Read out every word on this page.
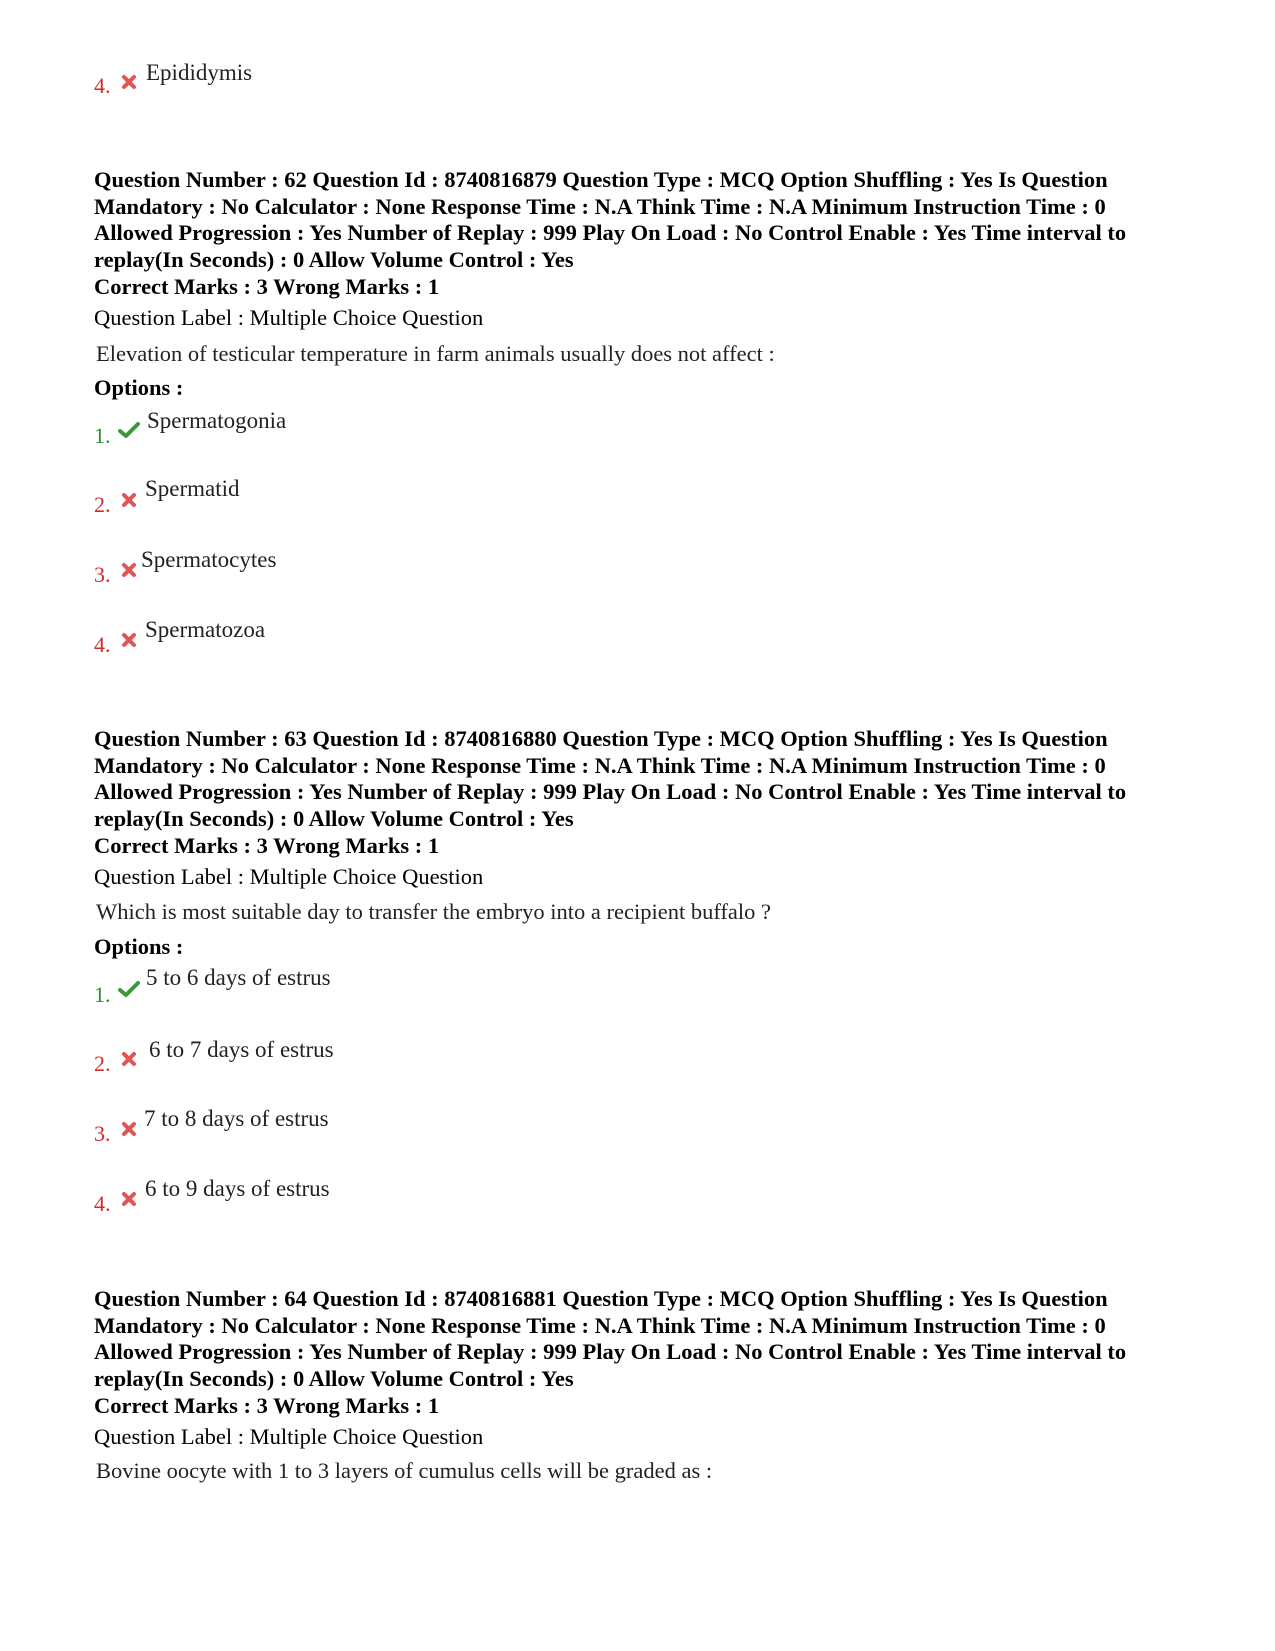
4.
Epididymis
Question Number : 62 Question Id : 8740816879 Question Type : MCQ Option Shuffling : Yes Is Question
Mandatory : No Calculator : None Response Time : N.A Think Time : N.A Minimum Instruction Time : 0
Allowed Progression : Yes Number of Replay : 999 Play On Load : No Control Enable : Yes Time interval to
replay(In Seconds) : 0 Allow Volume Control : Yes
Correct Marks : 3 Wrong Marks : 1
Question Label : Multiple Choice Question
Elevation of testicular temperature in farm animals usually does not affect :
Options :
1.
Spermatogonia
2.
Spermatid
3.
Spermatocytes
4.
Spermatozoa
Question Number : 63 Question Id : 8740816880 Question Type : MCQ Option Shuffling : Yes Is Question
Mandatory : No Calculator : None Response Time : N.A Think Time : N.A Minimum Instruction Time : 0
Allowed Progression : Yes Number of Replay : 999 Play On Load : No Control Enable : Yes Time interval to
replay(In Seconds) : 0 Allow Volume Control : Yes
Correct Marks : 3 Wrong Marks : 1
Question Label : Multiple Choice Question
Which is most suitable day to transfer the embryo into a recipient buffalo ?
Options :
1.
5 to 6 days of estrus
2.
6 to 7 days of estrus
3.
7 to 8 days of estrus
4.
6 to 9 days of estrus
Question Number : 64 Question Id : 8740816881 Question Type : MCQ Option Shuffling : Yes Is Question
Mandatory : No Calculator : None Response Time : N.A Think Time : N.A Minimum Instruction Time : 0
Allowed Progression : Yes Number of Replay : 999 Play On Load : No Control Enable : Yes Time interval to
replay(In Seconds) : 0 Allow Volume Control : Yes
Correct Marks : 3 Wrong Marks : 1
Question Label : Multiple Choice Question
Bovine oocyte with 1 to 3 layers of cumulus cells will be graded as :
